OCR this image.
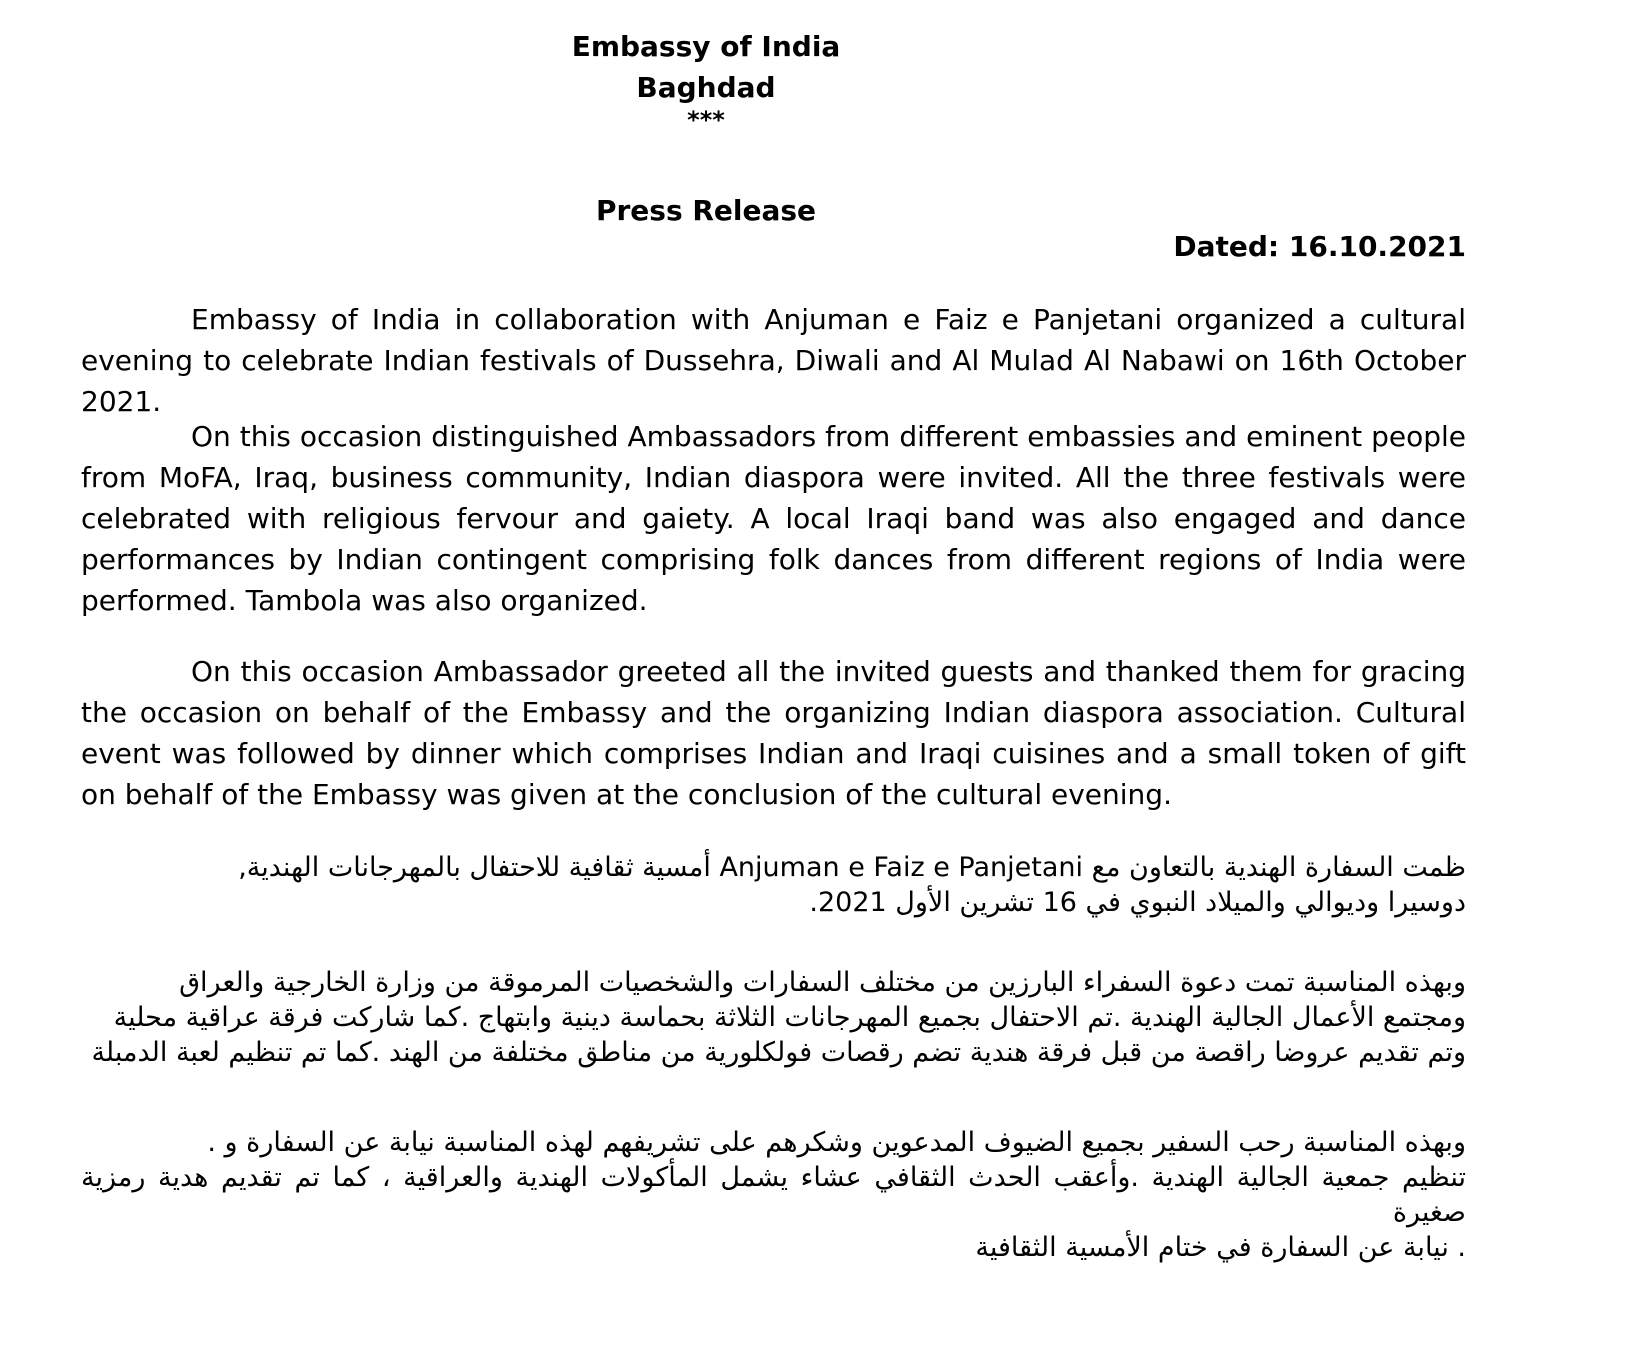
Embassy of India
Baghdad
***
Press Release
Dated: 16.10.2021
Embassy of India in collaboration with Anjuman e Faiz e Panjetani organized a cultural evening to celebrate Indian festivals of Dussehra, Diwali and Al Mulad Al Nabawi on 16th October 2021.
On this occasion distinguished Ambassadors from different embassies and eminent people from MoFA, Iraq, business community, Indian diaspora were invited. All the three festivals were celebrated with religious fervour and gaiety. A local Iraqi band was also engaged and dance performances by Indian contingent comprising folk dances from different regions of India were performed. Tambola was also organized.
On this occasion Ambassador greeted all the invited guests and thanked them for gracing the occasion on behalf of the Embassy and the organizing Indian diaspora association. Cultural event was followed by dinner which comprises Indian and Iraqi cuisines and a small token of gift on behalf of the Embassy was given at the conclusion of the cultural evening.

ظمت السفارة الهندية بالتعاون مع Anjuman e Faiz e Panjetani أمسية ثقافية للاحتفال بالمهرجانات الهندية,

دوسيرا وديوالي والميلاد النبوي في 16 تشرين الأول 2021.

وبهذه المناسبة تمت دعوة السفراء البارزين من مختلف السفارات والشخصيات المرموقة من وزارة الخارجية والعراق

ومجتمع الأعمال الجالية الهندية .تم الاحتفال بجميع المهرجانات الثلاثة بحماسة دينية وابتهاج .كما شاركت فرقة عراقية محلية

وتم تقديم عروضا راقصة من قبل فرقة هندية تضم رقصات فولكلورية من مناطق مختلفة من الهند .كما تم تنظيم لعبة الدمبلة

وبهذه المناسبة رحب السفير بجميع الضيوف المدعوين وشكرهم على تشريفهم لهذه المناسبة نيابة عن السفارة و .

تنظيم جمعية الجالية الهندية .وأعقب الحدث الثقافي عشاء يشمل المأكولات الهندية والعراقية ، كما تم تقديم هدية رمزية صغيرة

. نيابة عن السفارة في ختام الأمسية الثقافية
